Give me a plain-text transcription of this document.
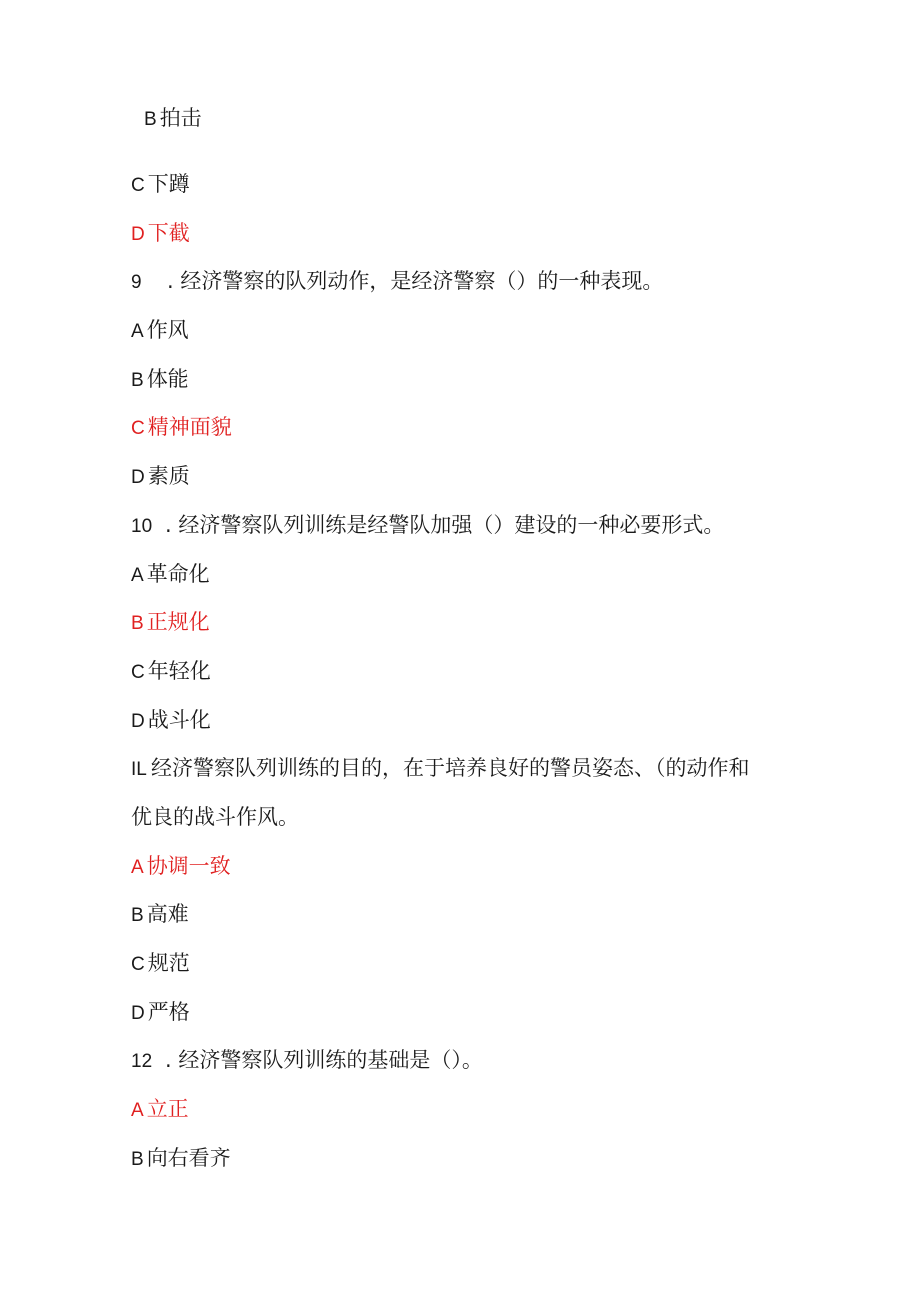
B 拍击
C 下蹲
D 下截
9 . 经济警察的队列动作，是经济警察（）的一种表现。
A 作风
B 体能
C 精神面貌
D 素质
10 . 经济警察队列训练是经警队加强（）建设的一种必要形式。
A 革命化
B 正规化
C 年轻化
D 战斗化
IL 经济警察队列训练的目的，在于培养良好的警员姿态、（的动作和
优良的战斗作风。
A 协调一致
B 高难
C 规范
D 严格
12 . 经济警察队列训练的基础是（）。
A 立正
B 向右看齐
